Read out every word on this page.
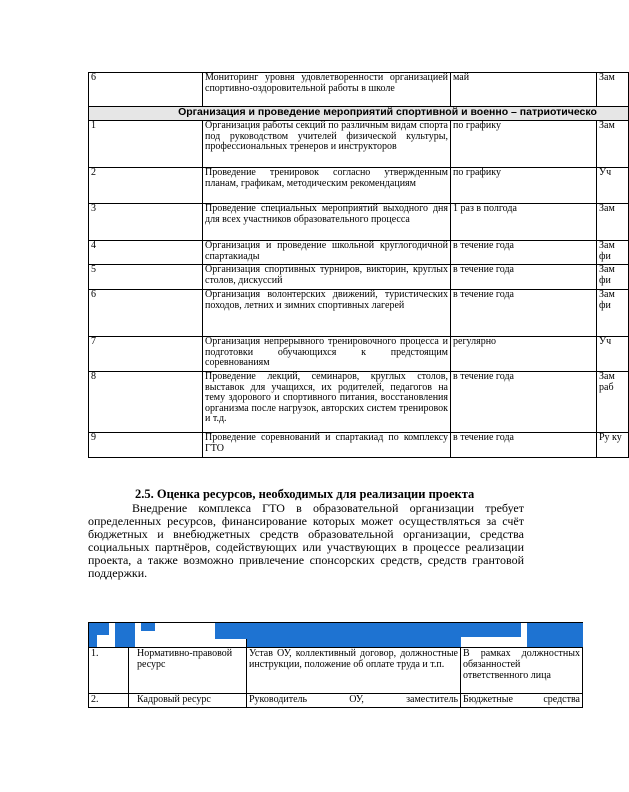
6	Мониторинг уровня удовлетворенности организацией спортивно-оздоровительной работы в школе	май	Зам
Организация и проведение мероприятий спортивной и военно – патриотическо			
1	Организация работы секций по различным видам спорта под руководством учителей физической культуры, профессиональных тренеров и инструкторов	по графику	Зам
2	Проведение тренировок согласно утвержденным планам, графикам, методическим рекомендациям	по графику	Уч
3	Проведение специальных мероприятий выходного дня для всех участников образовательного процесса	1 раз в полгода	Зам
4	Организация и проведение школьной круглогодичной спартакиады	в течение года	Зам фи
5	Организация спортивных турниров, викторин, круглых столов, дискуссий	в течение года	Зам фи
6	Организация волонтерских движений, туристических походов, летних и зимних спортивных лагерей	в течение года	Зам фи
7	Организация непрерывного тренировочного процесса и подготовки обучающихся к предстоящим соревнованиям	регулярно	Уч
8	Проведение лекций, семинаров, круглых столов, выставок для учащихся, их родителей, педагогов на тему здорового и спортивного питания, восстановления организма после нагрузок, авторских систем тренировок и т.д.	в течение года	Зам раб
9	Проведение соревнований и спартакиад по комплексу ГТО	в течение года	Ру ку
2.5. Оценка ресурсов, необходимых для реализации проекта
Внедрение комплекса ГТО в образовательной организации требует определенных ресурсов, финансирование которых может осуществляться за счёт бюджетных и внебюджетных средств образовательной организации, средства социальных партнёров, содействующих или участвующих в процессе реализации проекта, а также возможно привлечение спонсорских средств, средств грантовой поддержки.

1.	Нормативно-правовой ресурс	Устав ОУ, коллективный договор, должностные инструкции, положение об оплате труда и т.п.	В рамках должностных обязанностей ответственного лица
2.	Кадровый ресурс	Руководитель ОУ, заместитель	Бюджетные средства
